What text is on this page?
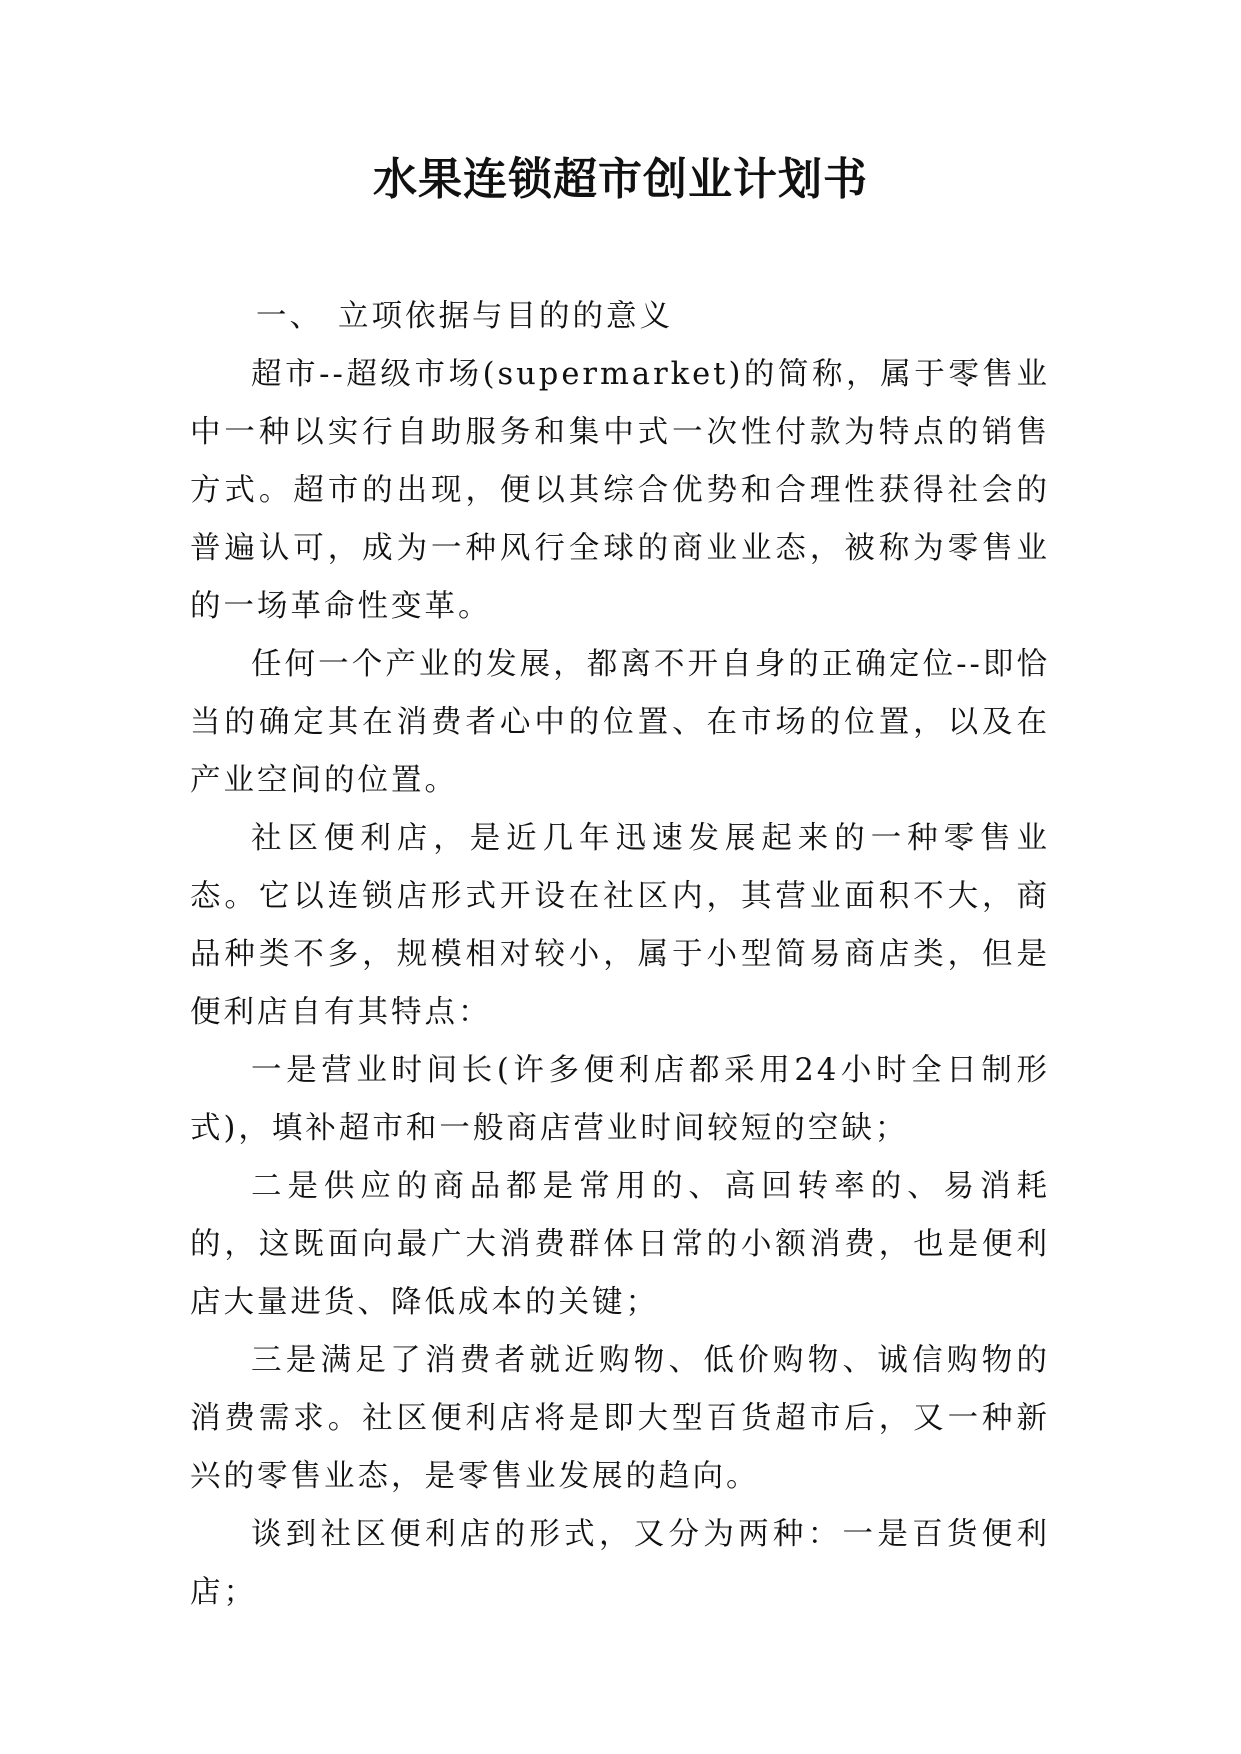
水果连锁超市创业计划书
一、 立项依据与目的的意义

超市--超级市场(supermarket)的简称，属于零售业中一种以实行自助服务和集中式一次性付款为特点的销售方式。超市的出现，便以其综合优势和合理性获得社会的普遍认可，成为一种风行全球的商业业态，被称为零售业的一场革命性变革。

任何一个产业的发展，都离不开自身的正确定位--即恰当的确定其在消费者心中的位置、在市场的位置，以及在产业空间的位置。

社区便利店，是近几年迅速发展起来的一种零售业态。它以连锁店形式开设在社区内，其营业面积不大，商品种类不多，规模相对较小，属于小型简易商店类，但是便利店自有其特点：

一是营业时间长(许多便利店都采用24小时全日制形式)，填补超市和一般商店营业时间较短的空缺；

二是供应的商品都是常用的、高回转率的、易消耗的，这既面向最广大消费群体日常的小额消费，也是便利店大量进货、降低成本的关键；

三是满足了消费者就近购物、低价购物、诚信购物的消费需求。社区便利店将是即大型百货超市后，又一种新兴的零售业态，是零售业发展的趋向。

谈到社区便利店的形式，又分为两种：一是百货便利店；
